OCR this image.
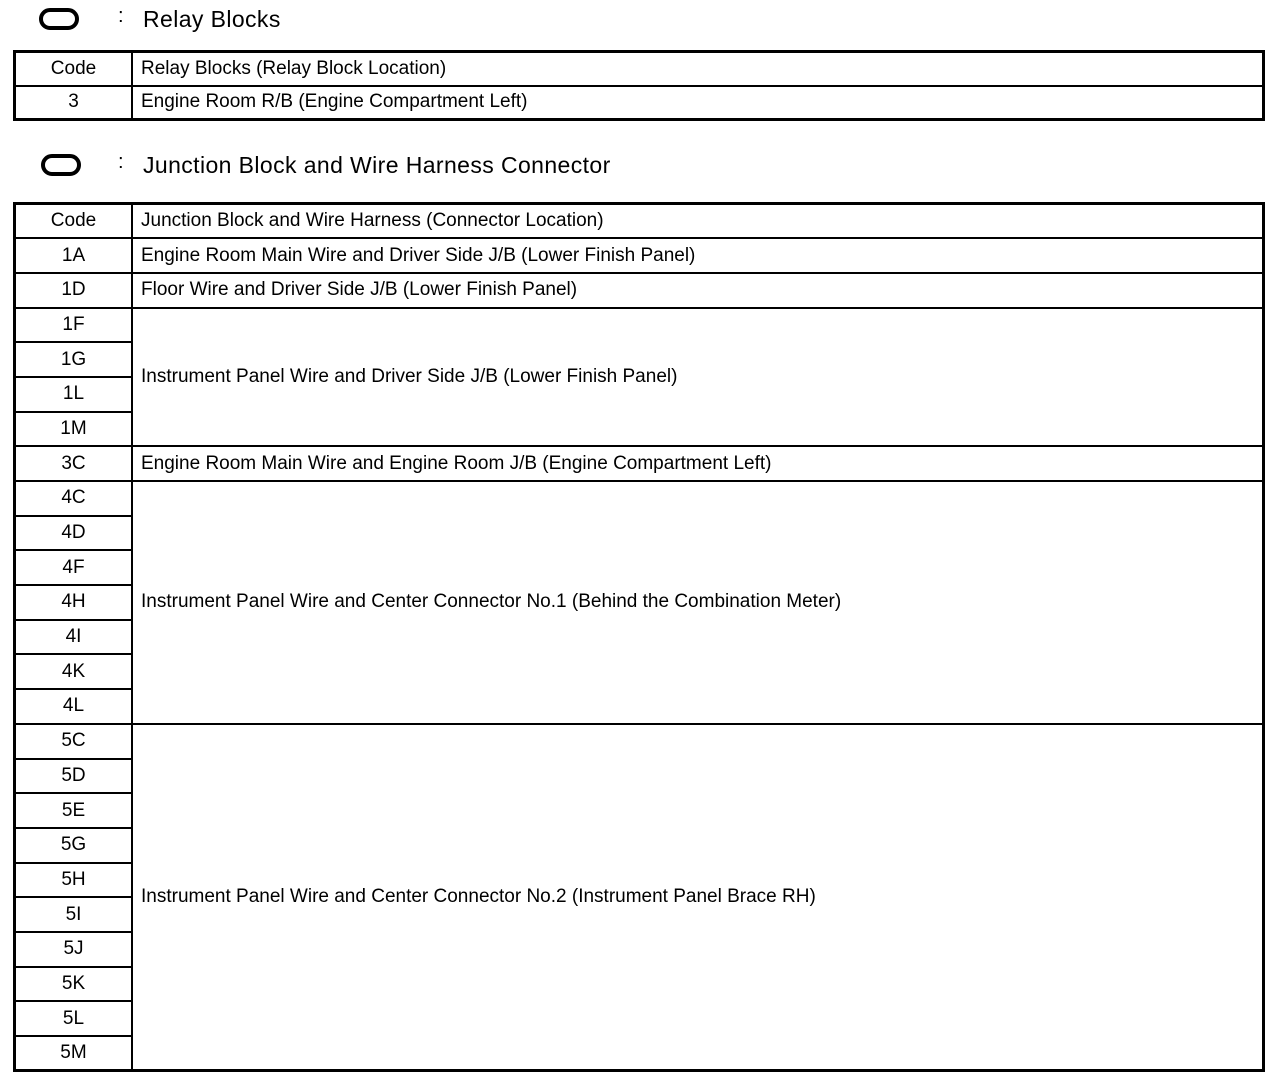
: Relay Blocks
Code	Relay Blocks (Relay Block Location)
3	Engine Room R/B (Engine Compartment Left)
: Junction Block and Wire Harness Connector
Code	Junction Block and Wire Harness (Connector Location)
1A	Engine Room Main Wire and Driver Side J/B (Lower Finish Panel)
1D	Floor Wire and Driver Side J/B (Lower Finish Panel)
1F	Instrument Panel Wire and Driver Side J/B (Lower Finish Panel)
1G	
1L	
1M	
3C	Engine Room Main Wire and Engine Room J/B (Engine Compartment Left)
4C	Instrument Panel Wire and Center Connector No.1 (Behind the Combination Meter)
4D	
4F	
4H	
4I	
4K	
4L	
5C	Instrument Panel Wire and Center Connector No.2 (Instrument Panel Brace RH)
5D	
5E	
5G	
5H	
5I	
5J	
5K	
5L	
5M	
